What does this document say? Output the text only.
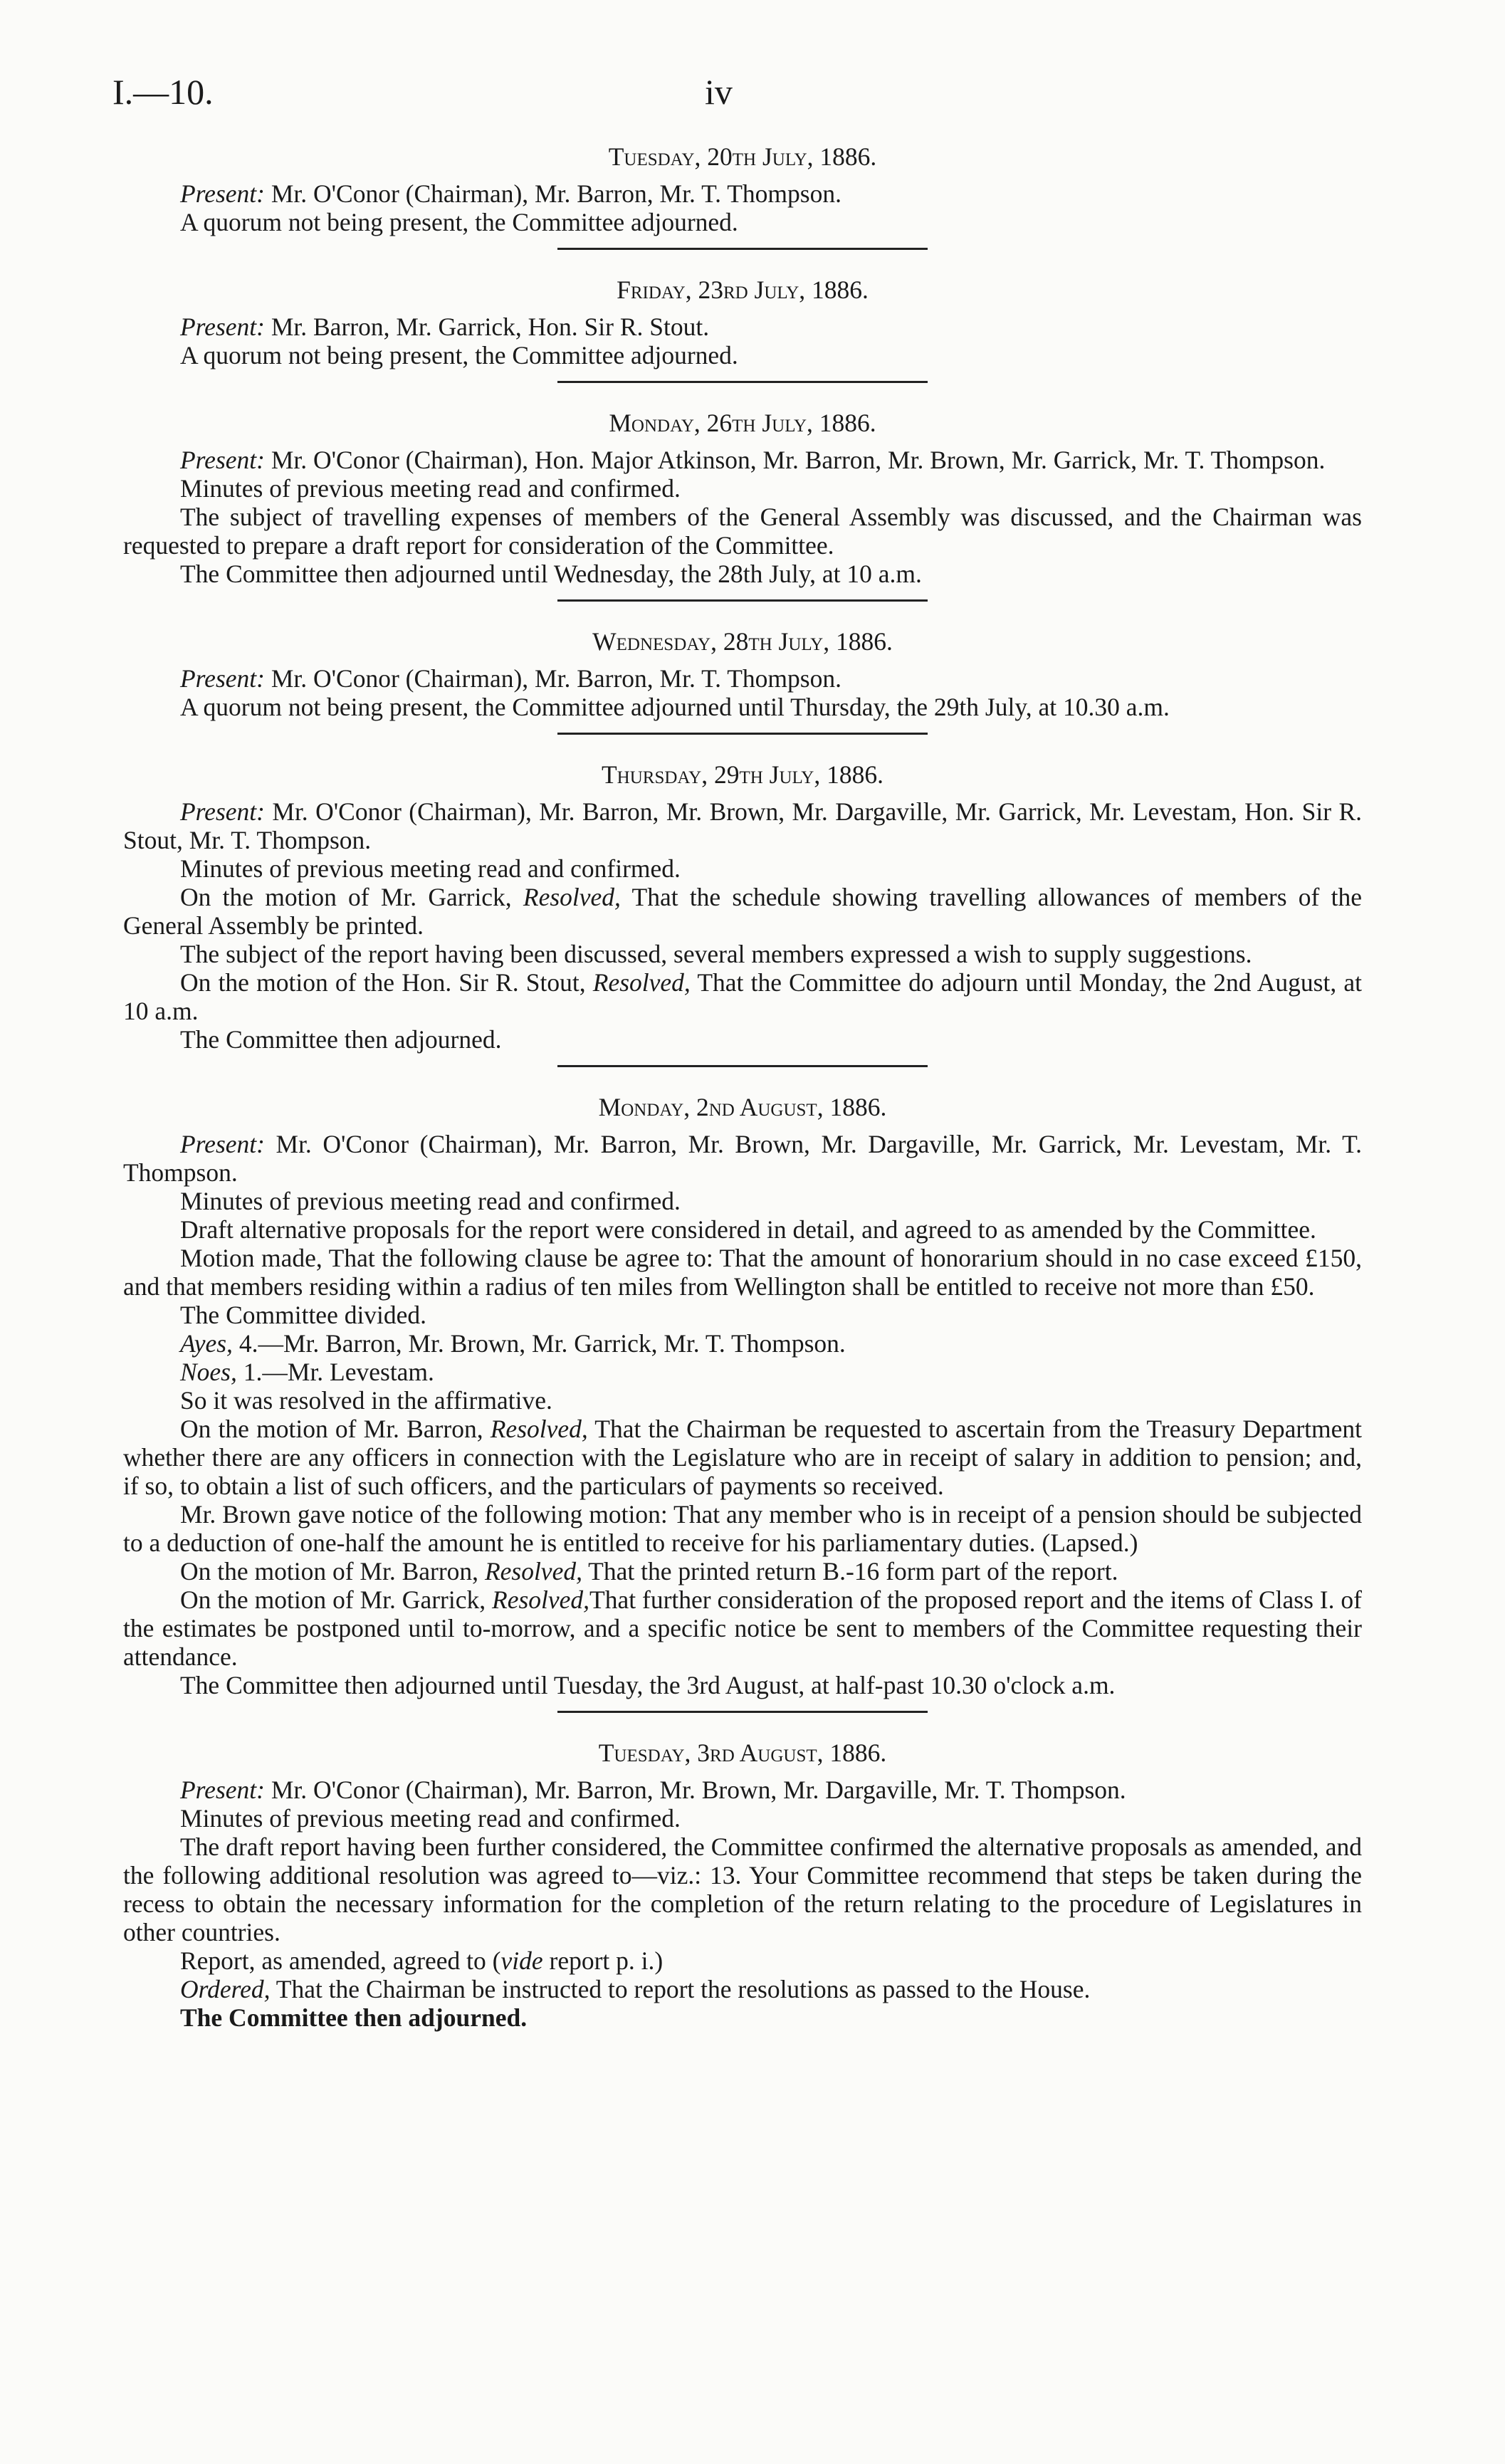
I.—10.	iv
Tuesday, 20th July, 1886.

Present: Mr. O'Conor (Chairman), Mr. Barron, Mr. T. Thompson.

A quorum not being present, the Committee adjourned.

Friday, 23rd July, 1886.

Present: Mr. Barron, Mr. Garrick, Hon. Sir R. Stout.

A quorum not being present, the Committee adjourned.

Monday, 26th July, 1886.

Present: Mr. O'Conor (Chairman), Hon. Major Atkinson, Mr. Barron, Mr. Brown, Mr. Garrick, Mr. T. Thompson.

Minutes of previous meeting read and confirmed.

The subject of travelling expenses of members of the General Assembly was discussed, and the Chairman was requested to prepare a draft report for consideration of the Committee.

The Committee then adjourned until Wednesday, the 28th July, at 10 a.m.

Wednesday, 28th July, 1886.

Present: Mr. O'Conor (Chairman), Mr. Barron, Mr. T. Thompson.

A quorum not being present, the Committee adjourned until Thursday, the 29th July, at 10.30 a.m.

Thursday, 29th July, 1886.

Present: Mr. O'Conor (Chairman), Mr. Barron, Mr. Brown, Mr. Dargaville, Mr. Garrick, Mr. Levestam, Hon. Sir R. Stout, Mr. T. Thompson.

Minutes of previous meeting read and confirmed.

On the motion of Mr. Garrick, Resolved, That the schedule showing travelling allowances of members of the General Assembly be printed.

The subject of the report having been discussed, several members expressed a wish to supply suggestions.

On the motion of the Hon. Sir R. Stout, Resolved, That the Committee do adjourn until Monday, the 2nd August, at 10 a.m.

The Committee then adjourned.

Monday, 2nd August, 1886.

Present: Mr. O'Conor (Chairman), Mr. Barron, Mr. Brown, Mr. Dargaville, Mr. Garrick, Mr. Levestam, Mr. T. Thompson.

Minutes of previous meeting read and confirmed.

Draft alternative proposals for the report were considered in detail, and agreed to as amended by the Committee.

Motion made, That the following clause be agree to: That the amount of honorarium should in no case exceed £150, and that members residing within a radius of ten miles from Wellington shall be entitled to receive not more than £50.

The Committee divided.

Ayes, 4.—Mr. Barron, Mr. Brown, Mr. Garrick, Mr. T. Thompson.

Noes, 1.—Mr. Levestam.

So it was resolved in the affirmative.

On the motion of Mr. Barron, Resolved, That the Chairman be requested to ascertain from the Treasury Department whether there are any officers in connection with the Legislature who are in receipt of salary in addition to pension; and, if so, to obtain a list of such officers, and the particulars of payments so received.

Mr. Brown gave notice of the following motion: That any member who is in receipt of a pension should be subjected to a deduction of one-half the amount he is entitled to receive for his parliamentary duties. (Lapsed.)

On the motion of Mr. Barron, Resolved, That the printed return B.-16 form part of the report.

On the motion of Mr. Garrick, Resolved,That further consideration of the proposed report and the items of Class I. of the estimates be postponed until to-morrow, and a specific notice be sent to members of the Committee requesting their attendance.

The Committee then adjourned until Tuesday, the 3rd August, at half-past 10.30 o'clock a.m.

Tuesday, 3rd August, 1886.

Present: Mr. O'Conor (Chairman), Mr. Barron, Mr. Brown, Mr. Dargaville, Mr. T. Thompson.

Minutes of previous meeting read and confirmed.

The draft report having been further considered, the Committee confirmed the alternative proposals as amended, and the following additional resolution was agreed to—viz.: 13. Your Committee recommend that steps be taken during the recess to obtain the necessary information for the completion of the return relating to the procedure of Legislatures in other countries.

Report, as amended, agreed to (vide report p. i.)

Ordered, That the Chairman be instructed to report the resolutions as passed to the House.

The Committee then adjourned.
